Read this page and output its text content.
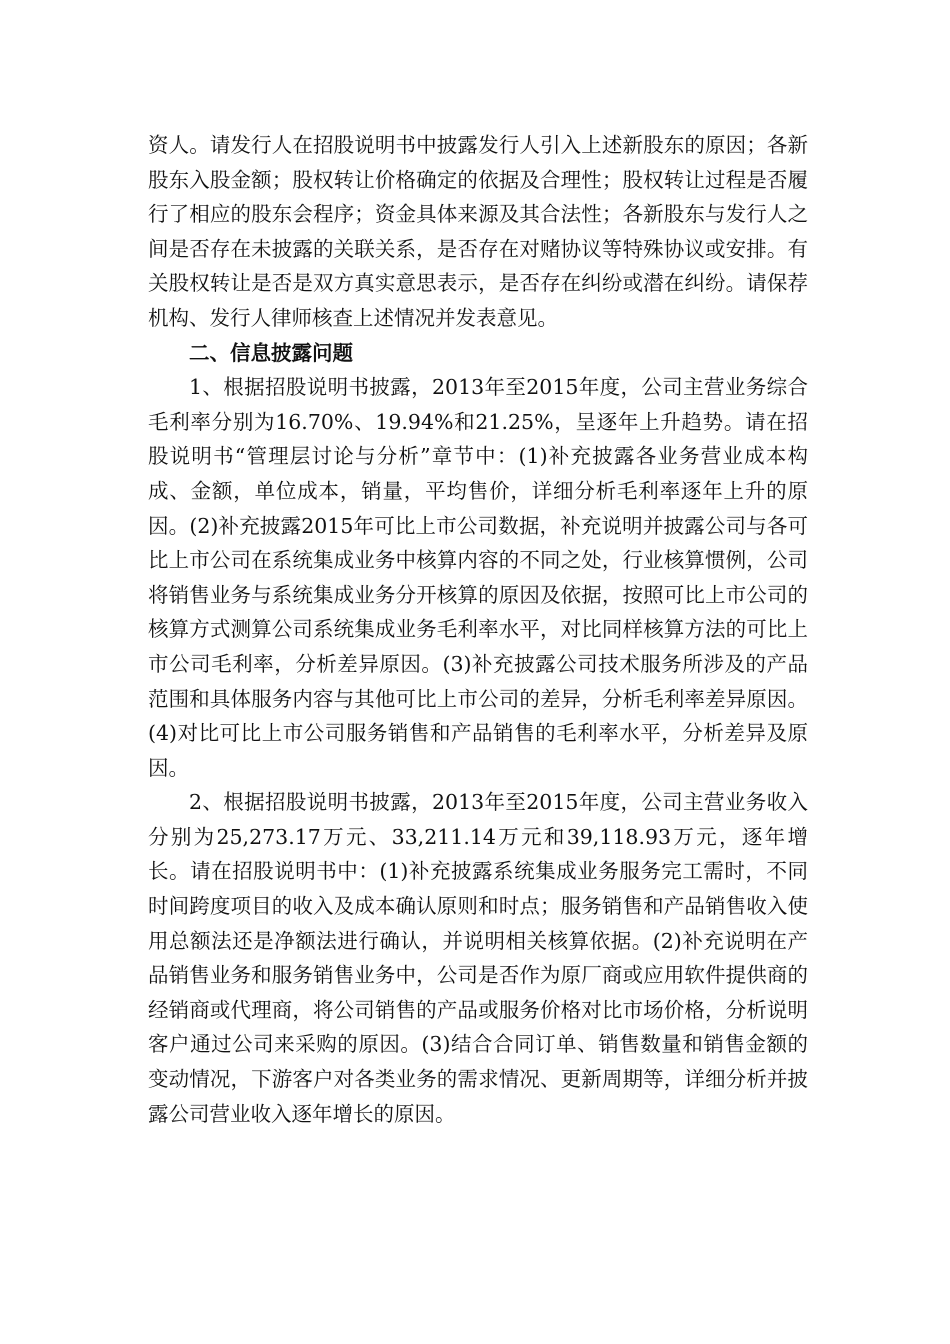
资人。请发行人在招股说明书中披露发行人引入上述新股东的原因；各新股东入股金额；股权转让价格确定的依据及合理性；股权转让过程是否履行了相应的股东会程序；资金具体来源及其合法性；各新股东与发行人之间是否存在未披露的关联关系，是否存在对赌协议等特殊协议或安排。有关股权转让是否是双方真实意思表示，是否存在纠纷或潜在纠纷。请保荐机构、发行人律师核查上述情况并发表意见。

二、信息披露问题

1、根据招股说明书披露，2013年至2015年度，公司主营业务综合毛利率分别为16.70%、19.94%和21.25%，呈逐年上升趋势。请在招股说明书“管理层讨论与分析”章节中：(1)补充披露各业务营业成本构成、金额，单位成本，销量，平均售价，详细分析毛利率逐年上升的原因。(2)补充披露2015年可比上市公司数据，补充说明并披露公司与各可比上市公司在系统集成业务中核算内容的不同之处，行业核算惯例，公司将销售业务与系统集成业务分开核算的原因及依据，按照可比上市公司的核算方式测算公司系统集成业务毛利率水平，对比同样核算方法的可比上市公司毛利率，分析差异原因。(3)补充披露公司技术服务所涉及的产品范围和具体服务内容与其他可比上市公司的差异，分析毛利率差异原因。(4)对比可比上市公司服务销售和产品销售的毛利率水平，分析差异及原因。

2、根据招股说明书披露，2013年至2015年度，公司主营业务收入分别为25,273.17万元、33,211.14万元和39,118.93万元，逐年增长。请在招股说明书中：(1)补充披露系统集成业务服务完工需时，不同时间跨度项目的收入及成本确认原则和时点；服务销售和产品销售收入使用总额法还是净额法进行确认，并说明相关核算依据。(2)补充说明在产品销售业务和服务销售业务中，公司是否作为原厂商或应用软件提供商的经销商或代理商，将公司销售的产品或服务价格对比市场价格，分析说明客户通过公司来采购的原因。(3)结合合同订单、销售数量和销售金额的变动情况，下游客户对各类业务的需求情况、更新周期等，详细分析并披露公司营业收入逐年增长的原因。
